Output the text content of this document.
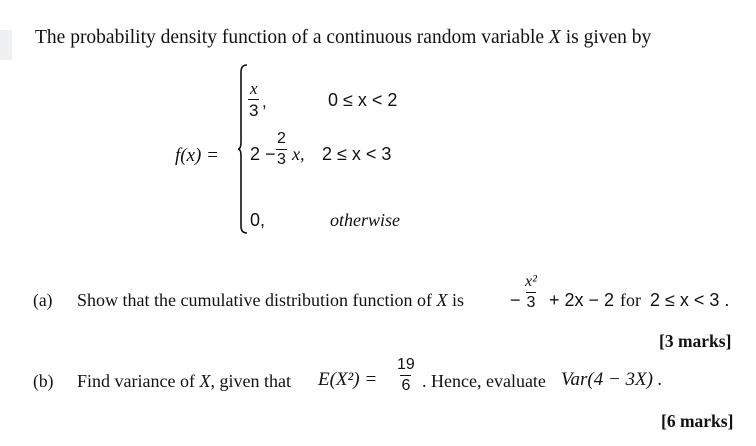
The probability density function of a continuous random variable X is given by
f(x) =
$\frac{x}{3}$ ,	0 ≤ x < 2
$2 - \frac{2}{3} x$, 2 ≤ x < 3
0,	otherwise
(a) Show that the cumulative distribution function of X is	− $\frac{\text{x²}}{3} + 2x - 2$ for 2 ≤ x < 3 .
[3 marks]
(b) Find variance of X, given that $E(X^2) = \frac{19}{6}$ . Hence, evaluate Var(4 − 3X) .
[6 marks]
